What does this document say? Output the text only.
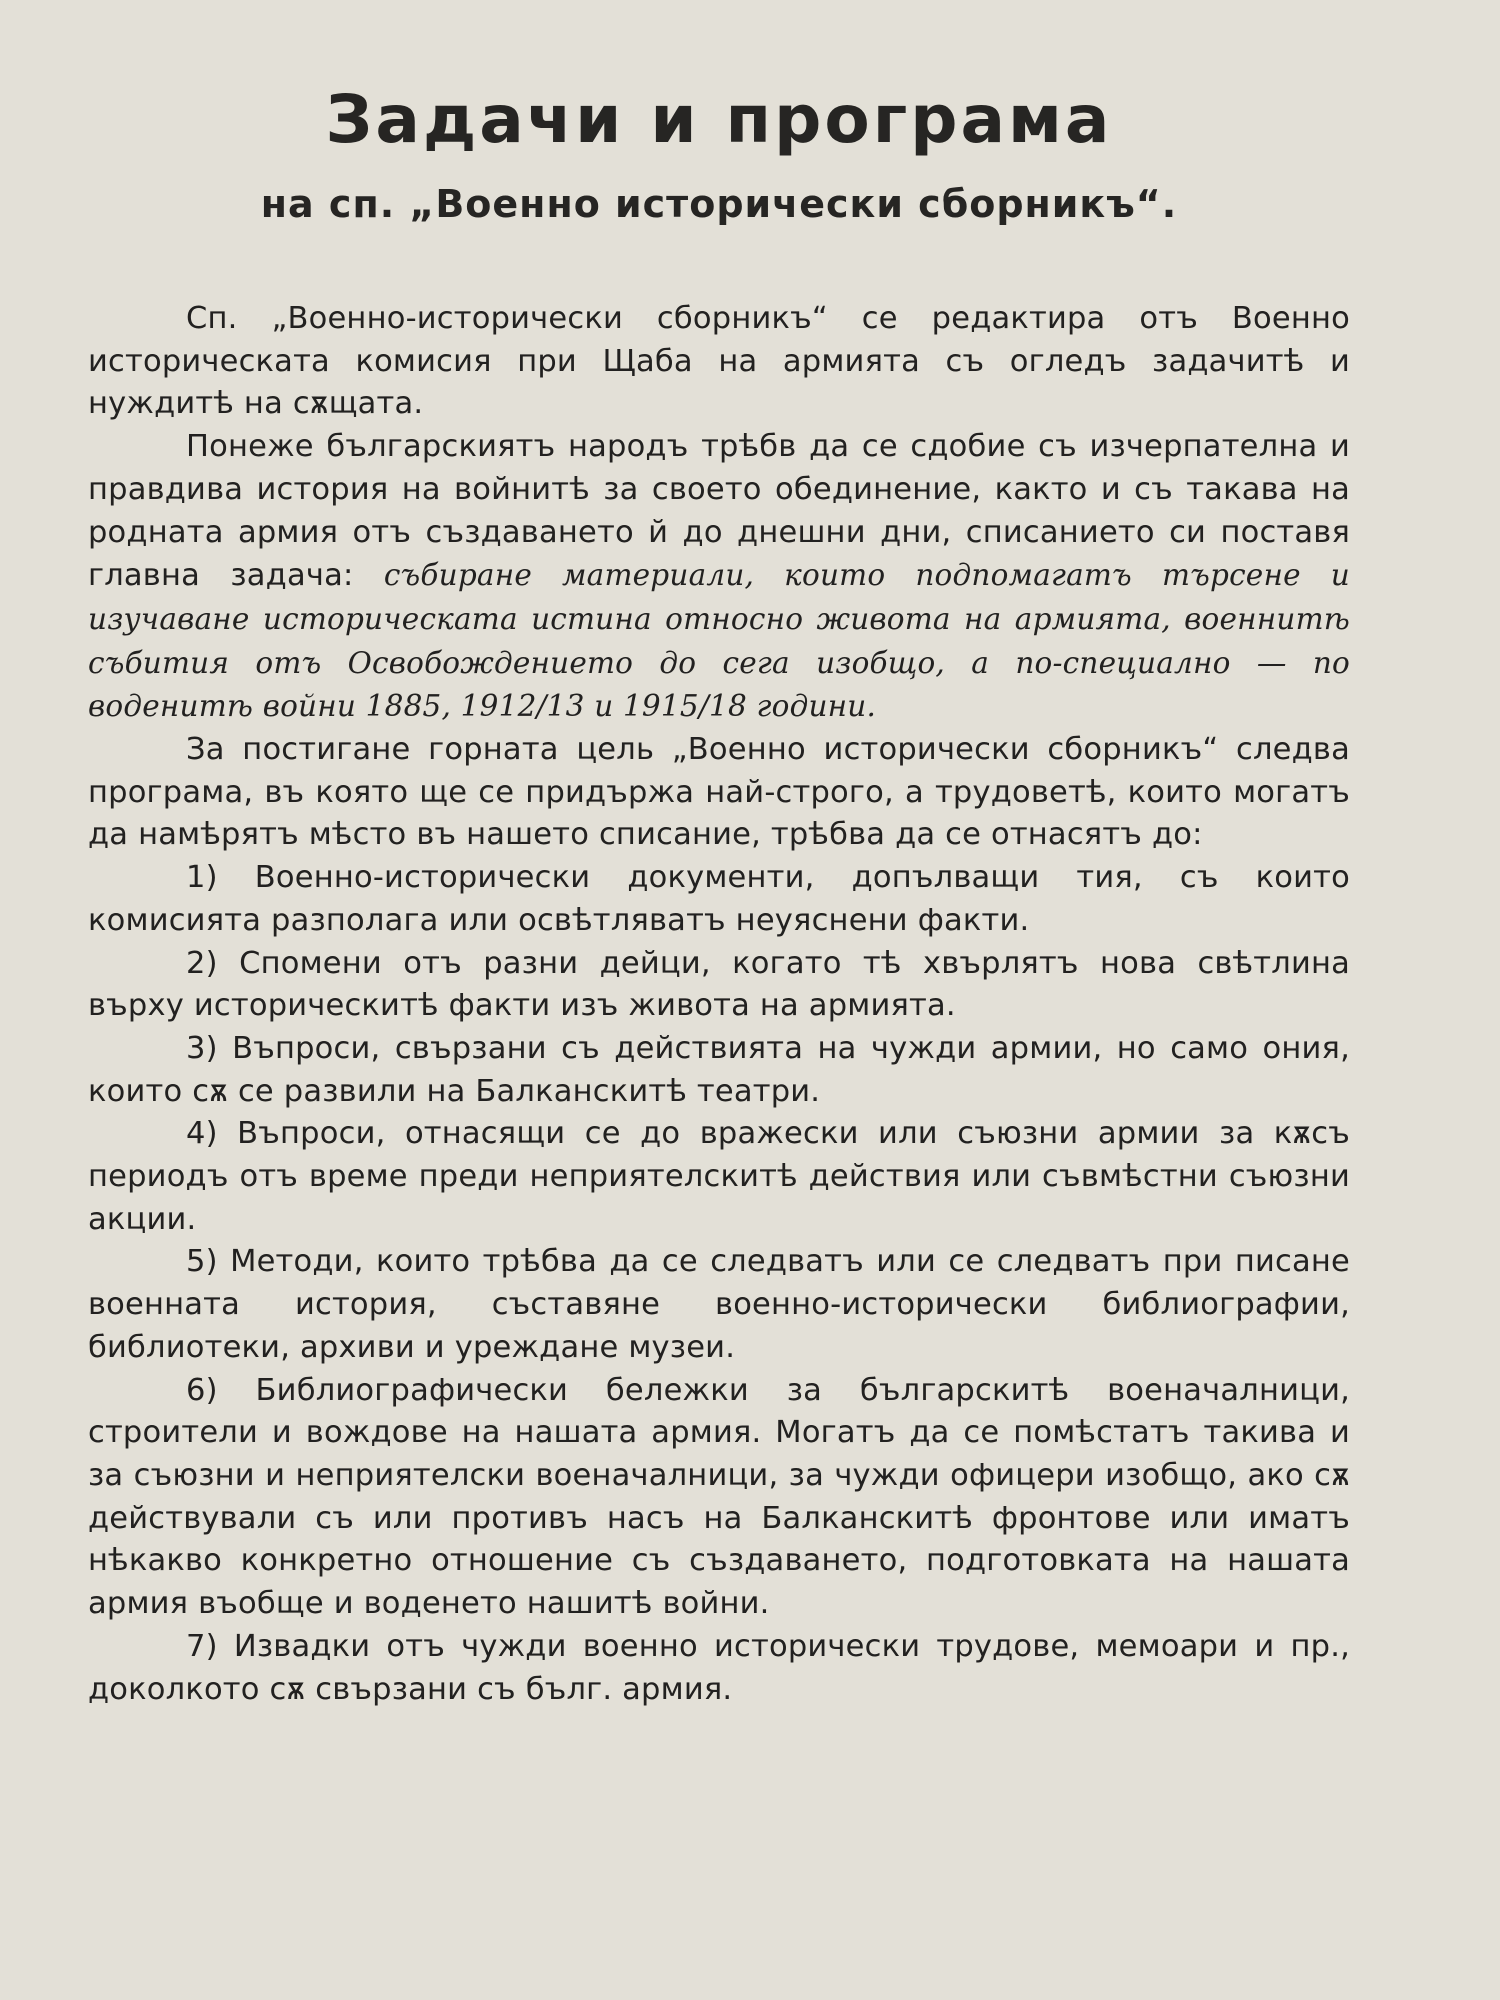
Задачи и програма
на сп. „Военно исторически сборникъ“.

Сп. „Военно-исторически сборникъ“ се редактира отъ Военно историческата комисия при Щаба на армията съ огледъ задачитѣ и нуждитѣ на сѫщата.

Понеже българскиятъ народъ трѣбв да се сдобие съ изчерпателна и правдива история на войнитѣ за своето обединение, както и съ такава на родната армия отъ създаването й до днешни дни, списанието си поставя главна задача: събиране материали, които подпомагатъ търсене и изучаване историческата истина относно живота на армията, военнитѣ събития отъ Освобождението до сега изобщо, а по-специално — по воденитѣ войни 1885, 1912/13 и 1915/18 години.

За постигане горната цель „Военно исторически сборникъ“ следва програма, въ която ще се придържа най-строго, а трудоветѣ, които могатъ да намѣрятъ мѣсто въ нашето списание, трѣбва да се отнасятъ до:

1) Военно-исторически документи, допълващи тия, съ които комисията разполага или освѣтляватъ неуяснени факти.
2) Спомени отъ разни дейци, когато тѣ хвърлятъ нова свѣтлина върху историческитѣ факти изъ живота на армията.
3) Въпроси, свързани съ действията на чужди армии, но само ония, които сѫ се развили на Балканскитѣ театри.
4) Въпроси, отнасящи се до вражески или съюзни армии за кѫсъ периодъ отъ време преди неприятелскитѣ действия или съвмѣстни съюзни акции.
5) Методи, които трѣбва да се следватъ или се следватъ при писане военната история, съставяне военно-исторически библиографии, библиотеки, архиви и уреждане музеи.
6) Библиографически бележки за българскитѣ военачалници, строители и вождове на нашата армия. Могатъ да се помѣстатъ такива и за съюзни и неприятелски военачалници, за чужди офицери изобщо, ако сѫ действували съ или противъ насъ на Балканскитѣ фронтове или иматъ нѣкакво конкретно отношение съ създаването, подготовката на нашата армия въобще и воденето нашитѣ войни.
7) Извадки отъ чужди военно исторически трудове, мемоари и пр., доколкото сѫ свързани съ бълг. армия.
